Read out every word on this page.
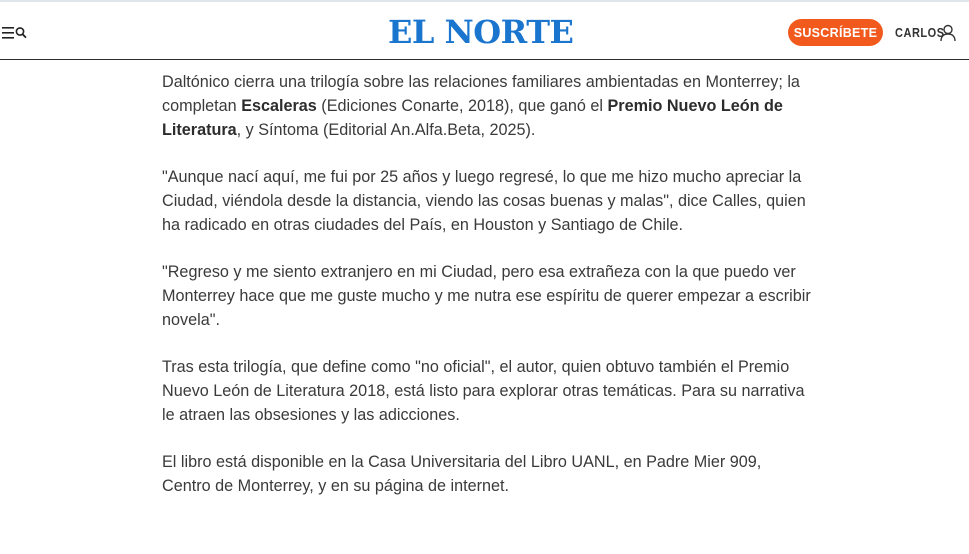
EL NORTE	SUSCRÍBETE	CARLOS

Daltónico cierra una trilogía sobre las relaciones familiares ambientadas en Monterrey; la completan Escaleras (Ediciones Conarte, 2018), que ganó el Premio Nuevo León de Literatura, y Síntoma (Editorial An.Alfa.Beta, 2025).

"Aunque nací aquí, me fui por 25 años y luego regresé, lo que me hizo mucho apreciar la Ciudad, viéndola desde la distancia, viendo las cosas buenas y malas", dice Calles, quien ha radicado en otras ciudades del País, en Houston y Santiago de Chile.

"Regreso y me siento extranjero en mi Ciudad, pero esa extrañeza con la que puedo ver Monterrey hace que me guste mucho y me nutra ese espíritu de querer empezar a escribir novela".

Tras esta trilogía, que define como "no oficial", el autor, quien obtuvo también el Premio Nuevo León de Literatura 2018, está listo para explorar otras temáticas. Para su narrativa le atraen las obsesiones y las adicciones.

El libro está disponible en la Casa Universitaria del Libro UANL, en Padre Mier 909, Centro de Monterrey, y en su página de internet.
